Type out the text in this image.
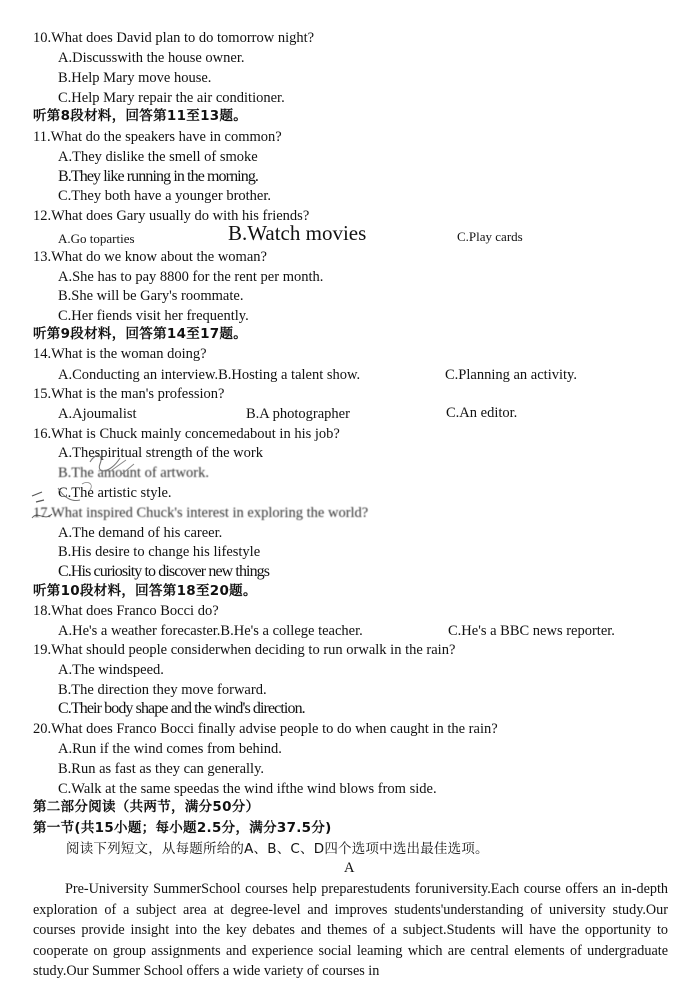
10.What does David plan to do tomorrow night?
A.Discusswith the house owner.
B.Help Mary move house.
C.Help Mary repair the air conditioner.
听第8段材料，回答第11至13题。
11.What do the speakers have in common?
A.They dislike the smell of smoke
B.They like running in the morning.
C.They both have a younger brother.
12.What does Gary usually do with his friends?
A.Go toparties	B.Watch movies	C.Play cards
13.What do we know about the woman?
A.She has to pay 8800 for the rent per month.
B.She will be Gary's roommate.
C.Her fiends visit her frequently.
听第9段材料，回答第14至17题。
14.What is the woman doing?
A.Conducting an interview.B.Hosting a talent show.	C.Planning an activity.
15.What is the man's profession?
A.Ajoumalist	B.A photographer	C.An editor.
16.What is Chuck mainly concemedabout in his job?
A.Thespiritual strength of the work
B.The amount of artwork.
C.The artistic style.
17.What inspired Chuck's interest in exploring the world?
A.The demand of his career.
B.His desire to change his lifestyle
C.His curiosity to discover new things
听第10段材料，回答第18至20题。
18.What does Franco Bocci do?
A.He's a weather forecaster.B.He's a college teacher.	C.He's a BBC news reporter.
19.What should people considerwhen deciding to run orwalk in the rain?
A.The windspeed.
B.The direction they move forward.
C.Their body shape and the wind's direction.
20.What does Franco Bocci finally advise people to do when caught in the rain?
A.Run if the wind comes from behind.
B.Run as fast as they can generally.
C.Walk at the same speedas the wind ifthe wind blows from side.
第二部分阅读（共两节，满分50分）
第一节(共15小题；每小题2.5分，满分37.5分)
阅读下列短文，从每题所给的A、B、C、D四个选项中选出最佳选项。
A
Pre-University SummerSchool courses help preparestudents foruniversity.Each course offers an in-depth exploration of a subject area at degree-level and improves students'understanding of university study.Our courses provide insight into the key debates and themes of a subject.Students will have the opportunity to cooperate on group assignments and experience social leaming which are central elements of undergraduate study.Our Summer School offers a wide variety of courses in
